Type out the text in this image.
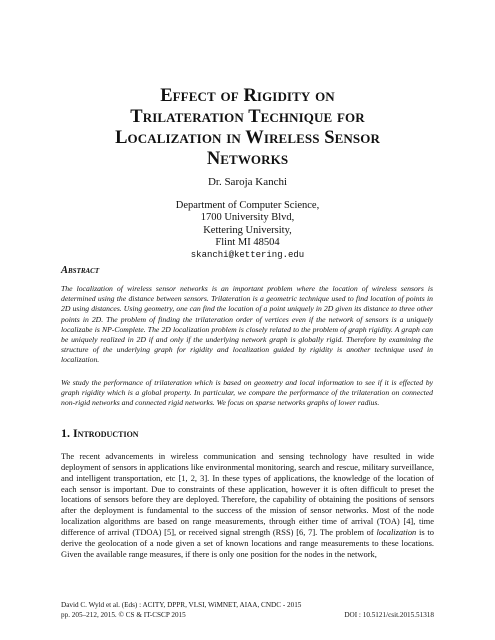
Effect of Rigidity on
Trilateration Technique for
Localization in Wireless Sensor
Networks
Dr. Saroja Kanchi
Department of Computer Science,
1700 University Blvd,
Kettering University,
Flint MI 48504
skanchi@kettering.edu
Abstract

The localization of wireless sensor networks is an important problem where the location of wireless sensors is determined using the distance between sensors. Trilateration is a geometric technique used to find location of points in 2D using distances. Using geometry, one can find the location of a point uniquely in 2D given its distance to three other points in 2D. The problem of finding the trilateration order of vertices even if the network of sensors is a uniquely localizabe is NP-Complete. The 2D localization problem is closely related to the problem of graph rigidity. A graph can be uniquely realized in 2D if and only if the underlying network graph is globally rigid. Therefore by examining the structure of the underlying graph for rigidity and localization guided by rigidity is another technique used in localization.

We study the performance of trilateration which is based on geometry and local information to see if it is effected by graph rigidity which is a global property. In particular, we compare the performance of the trilateration on connected non-rigid networks and connected rigid networks. We focus on sparse networks graphs of lower radius.

1. Introduction

The recent advancements in wireless communication and sensing technology have resulted in wide deployment of sensors in applications like environmental monitoring, search and rescue, military surveillance, and intelligent transportation, etc [1, 2, 3]. In these types of applications, the knowledge of the location of each sensor is important. Due to constraints of these application, however it is often difficult to preset the locations of sensors before they are deployed. Therefore, the capability of obtaining the positions of sensors after the deployment is fundamental to the success of the mission of sensor networks. Most of the node localization algorithms are based on range measurements, through either time of arrival (TOA) [4], time difference of arrival (TDOA) [5], or received signal strength (RSS) [6, 7]. The problem of localization is to derive the geolocation of a node given a set of known locations and range measurements to these locations. Given the available range measures, if there is only one position for the nodes in the network,

David C. Wyld et al. (Eds) : ACITY, DPPR, VLSI, WiMNET, AIAA, CNDC - 2015
pp. 205–212, 2015. © CS & IT-CSCP 2015	DOI : 10.5121/csit.2015.51318
